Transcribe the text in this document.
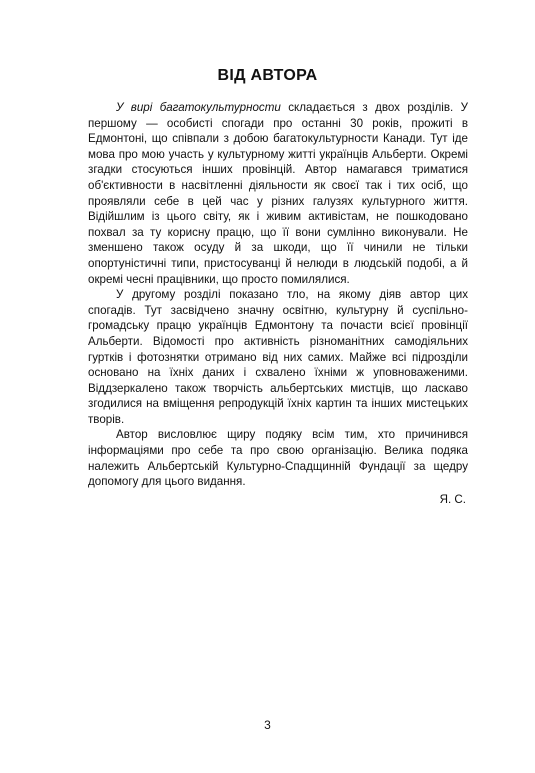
ВІД АВТОРА

У вирі багатокультурности складається з двох розділів. У першому — особисті спогади про останні 30 років, прожиті в Едмонтоні, що співпали з добою багатокультурности Канади. Тут іде мова про мою участь у культурному житті українців Альберти. Окремі згадки стосуються інших провінцій. Автор намагався триматися об'єктивности в насвітленні діяльности як своєї так і тих осіб, що проявляли себе в цей час у різних галузях культурного життя. Відійшлим із цього світу, як і живим активістам, не пошкодовано похвал за ту корисну працю, що її вони сумлінно виконували. Не зменшено також осуду й за шкоди, що її чинили не тільки опортуністичні типи, пристосуванці й нелюди в людській подобі, а й окремі чесні працівники, що просто помилялися.

У другому розділі показано тло, на якому діяв автор цих спогадів. Тут засвідчено значну освітню, культурну й суспільно-громадську працю українців Едмонтону та почасти всієї провінції Альберти. Відомості про активність різноманітних самодіяльних гуртків і фотознятки отримано від них самих. Майже всі підрозділи основано на їхніх даних і схвалено їхніми ж уповноваженими. Віддзеркалено також творчість альбертських мистців, що ласкаво згодилися на вміщення репродукцій їхніх картин та інших мистецьких творів.

Автор висловлює щиру подяку всім тим, хто причинився інформаціями про себе та про свою організацію. Велика подяка належить Альбертській Культурно-Спадщинній Фундації за щедру допомогу для цього видання.

Я. С.

3
